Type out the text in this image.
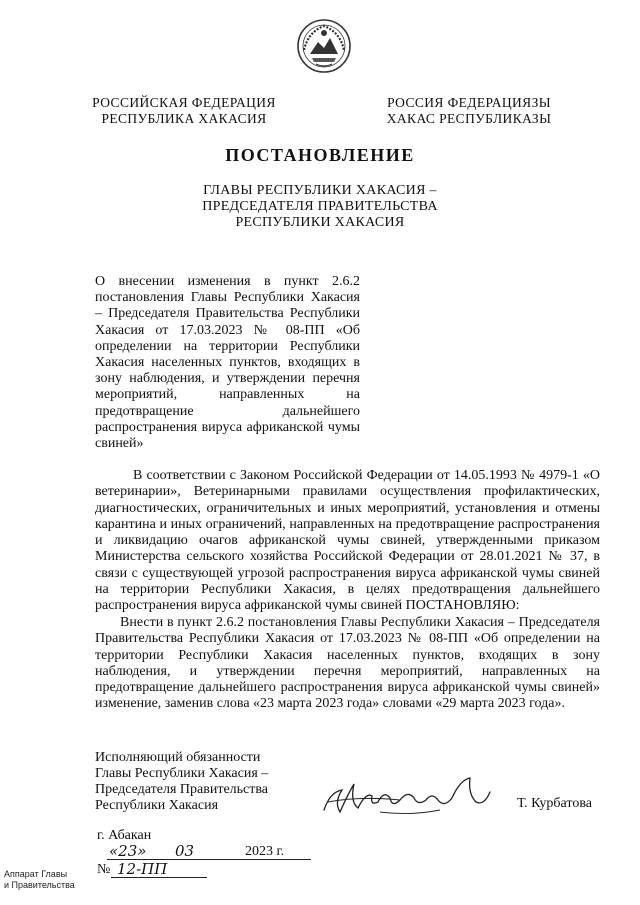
РОССИЙСКАЯ ФЕДЕРАЦИЯ
РЕСПУБЛИКА ХАКАСИЯ
РОССИЯ ФЕДЕРАЦИЯЗЫ
ХАКАС РЕСПУБЛИКАЗЫ
ПОСТАНОВЛЕНИЕ
ГЛАВЫ РЕСПУБЛИКИ ХАКАСИЯ –
ПРЕДСЕДАТЕЛЯ ПРАВИТЕЛЬСТВА
РЕСПУБЛИКИ ХАКАСИЯ
О внесении изменения в пункт 2.6.2 постановления Главы Республики Хакасия – Председателя Правительства Республики Хакасия от 17.03.2023 № 08-ПП «Об определении на территории Республики Хакасия населенных пунктов, входящих в зону наблюдения, и утверждении перечня мероприятий, направленных на предотвращение дальнейшего распространения вируса африканской чумы свиней»
В соответствии с Законом Российской Федерации от 14.05.1993 № 4979-1 «О ветеринарии», Ветеринарными правилами осуществления профилактических, диагностических, ограничительных и иных мероприятий, установления и отмены карантина и иных ограничений, направленных на предотвращение распространения и ликвидацию очагов африканской чумы свиней, утвержденными приказом Министерства сельского хозяйства Российской Федерации от 28.01.2021 № 37, в связи с существующей угрозой распространения вируса африканской чумы свиней на территории Республики Хакасия, в целях предотвращения дальнейшего распространения вируса африканской чумы свиней ПОСТАНОВЛЯЮ:
Внести в пункт 2.6.2 постановления Главы Республики Хакасия – Председателя Правительства Республики Хакасия от 17.03.2023 № 08-ПП «Об определении на территории Республики Хакасия населенных пунктов, входящих в зону наблюдения, и утверждении перечня мероприятий, направленных на предотвращение дальнейшего распространения вируса африканской чумы свиней» изменение, заменив слова «23 марта 2023 года» словами «29 марта 2023 года».
Исполняющий обязанности
Главы Республики Хакасия –
Председателя Правительства
Республики Хакасия	Т. Курбатова
г. Абакан
«23» 03	2023 г.
№ 12-ПП
Аппарат Главы
и Правительства
